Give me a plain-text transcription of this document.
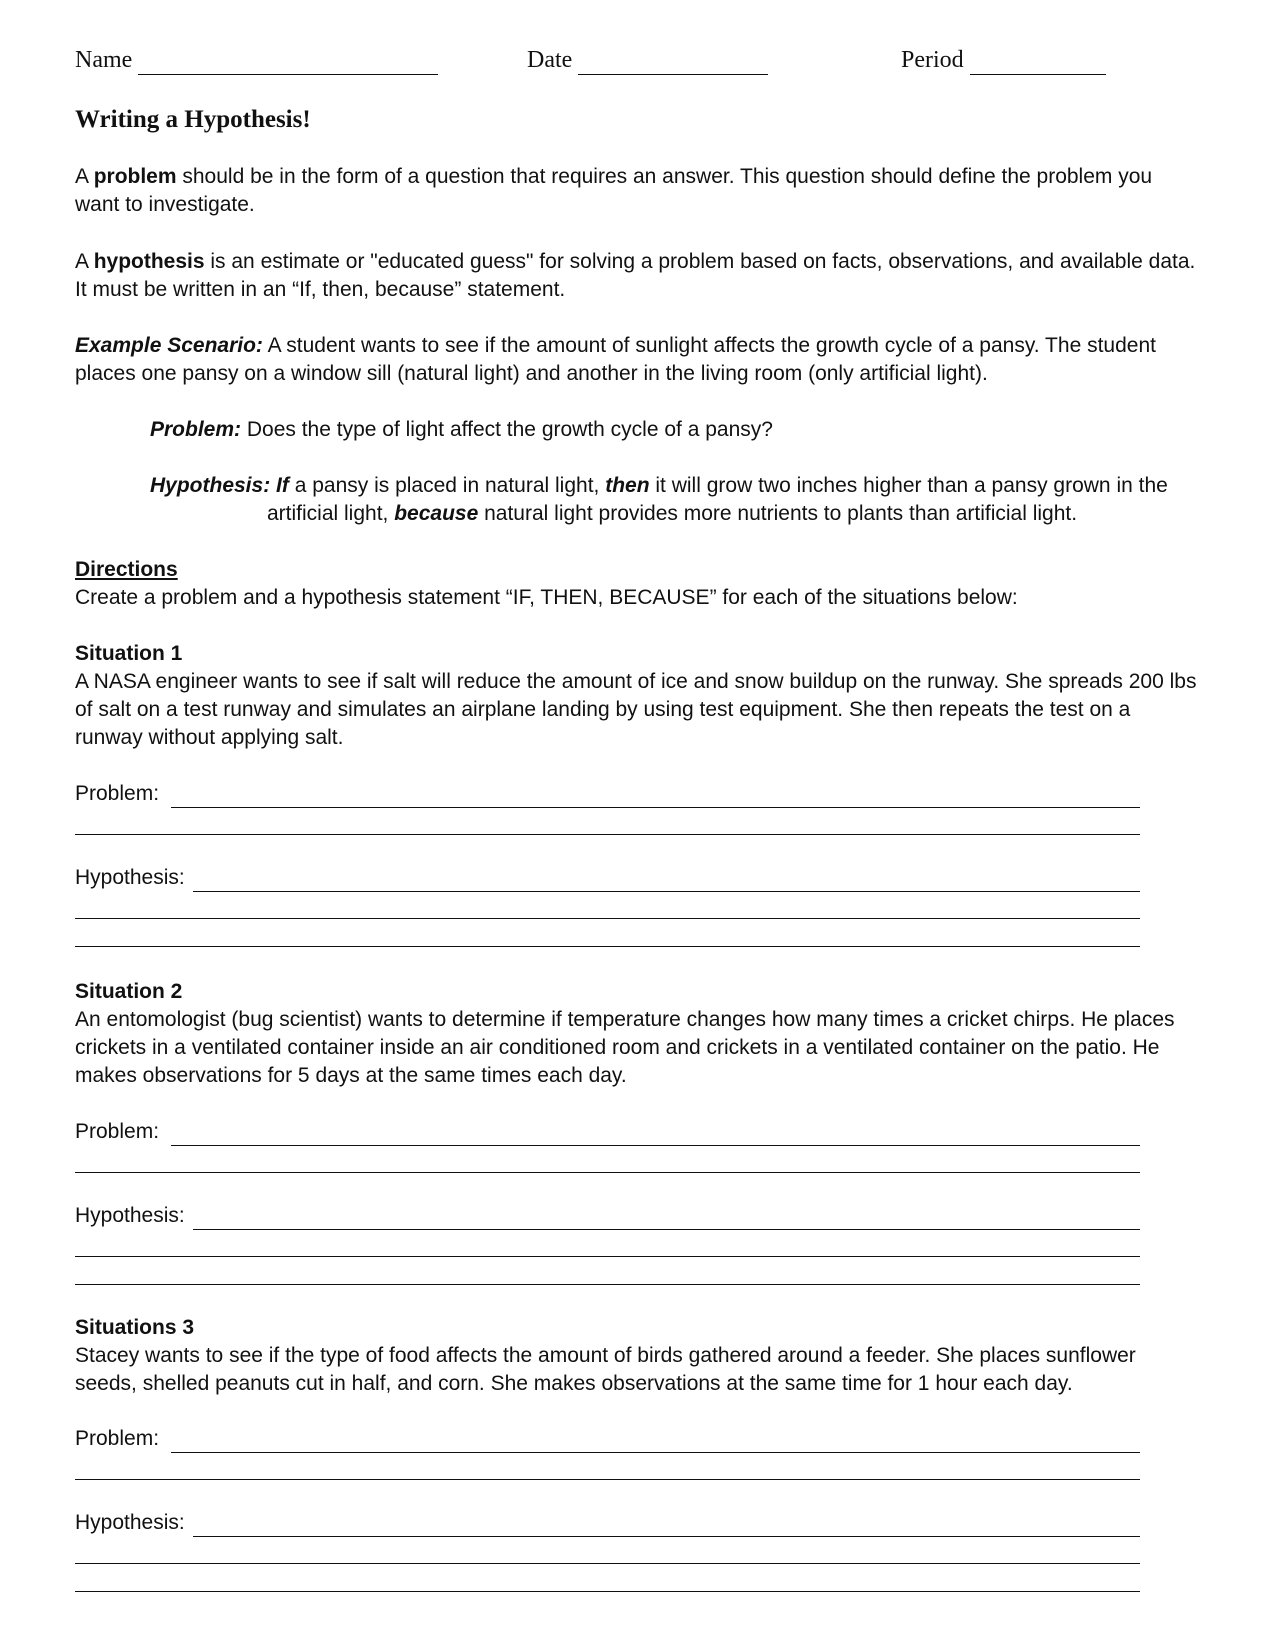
Name	Date	Period
Writing a Hypothesis!

A problem should be in the form of a question that requires an answer. This question should define the problem you

want to investigate.

A hypothesis is an estimate or "educated guess" for solving a problem based on facts, observations, and available data.

It must be written in an “If, then, because” statement.

Example Scenario: A student wants to see if the amount of sunlight affects the growth cycle of a pansy. The student

places one pansy on a window sill (natural light) and another in the living room (only artificial light).

Problem: Does the type of light affect the growth cycle of a pansy?
Hypothesis: If a pansy is placed in natural light, then it will grow two inches higher than a pansy grown in the
artificial light, because natural light provides more nutrients to plants than artificial light.

Directions

Create a problem and a hypothesis statement “IF, THEN, BECAUSE” for each of the situations below:

Situation 1

A NASA engineer wants to see if salt will reduce the amount of ice and snow buildup on the runway. She spreads 200 lbs

of salt on a test runway and simulates an airplane landing by using test equipment. She then repeats the test on a

runway without applying salt.

Problem:
Hypothesis:

Situation 2

An entomologist (bug scientist) wants to determine if temperature changes how many times a cricket chirps. He places

crickets in a ventilated container inside an air conditioned room and crickets in a ventilated container on the patio. He

makes observations for 5 days at the same times each day.

Problem:
Hypothesis:

Situations 3

Stacey wants to see if the type of food affects the amount of birds gathered around a feeder. She places sunflower

seeds, shelled peanuts cut in half, and corn. She makes observations at the same time for 1 hour each day.

Problem:
Hypothesis:
